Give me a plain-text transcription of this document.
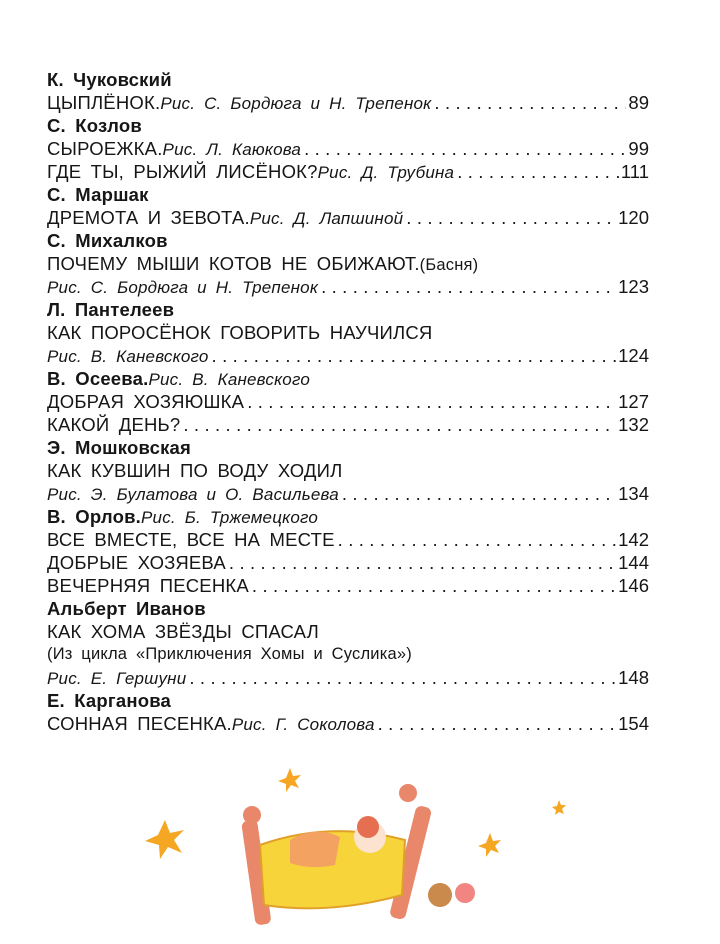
К. Чуковский
ЦЫПЛЁНОК. Рис. С. Бордюга и Н. Трепенок .....	89
С. Козлов
СЫРОЕЖКА. Рис. Л. Каюкова .....	99
ГДЕ ТЫ, РЫЖИЙ ЛИСЁНОК? Рис. Д. Трубина .....	111
С. Маршак
ДРЕМОТА И ЗЕВОТА. Рис. Д. Лапшиной .....	120
С. Михалков
ПОЧЕМУ МЫШИ КОТОВ НЕ ОБИЖАЮТ. (Басня)
Рис. С. Бордюга и Н. Трепенок .....	123
Л. Пантелеев
КАК ПОРОСЁНОК ГОВОРИТЬ НАУЧИЛСЯ
Рис. В. Каневского .....	124
В. Осеева. Рис. В. Каневского
ДОБРАЯ ХОЗЯЮШКА .....	127
КАКОЙ ДЕНЬ? .....	132
Э. Мошковская
КАК КУВШИН ПО ВОДУ ХОДИЛ
Рис. Э. Булатова и О. Васильева .....	134
В. Орлов. Рис. Б. Тржемецкого
ВСЕ ВМЕСТЕ, ВСЕ НА МЕСТЕ .....	142
ДОБРЫЕ ХОЗЯЕВА .....	144
ВЕЧЕРНЯЯ ПЕСЕНКА .....	146
Альберт Иванов
КАК ХОМА ЗВЁЗДЫ СПАСАЛ
(Из цикла «Приключения Хомы и Суслика»)
Рис. Е. Гершуни .....	148
Е. Карганова
СОННАЯ ПЕСЕНКА. Рис. Г. Соколова .....	154
